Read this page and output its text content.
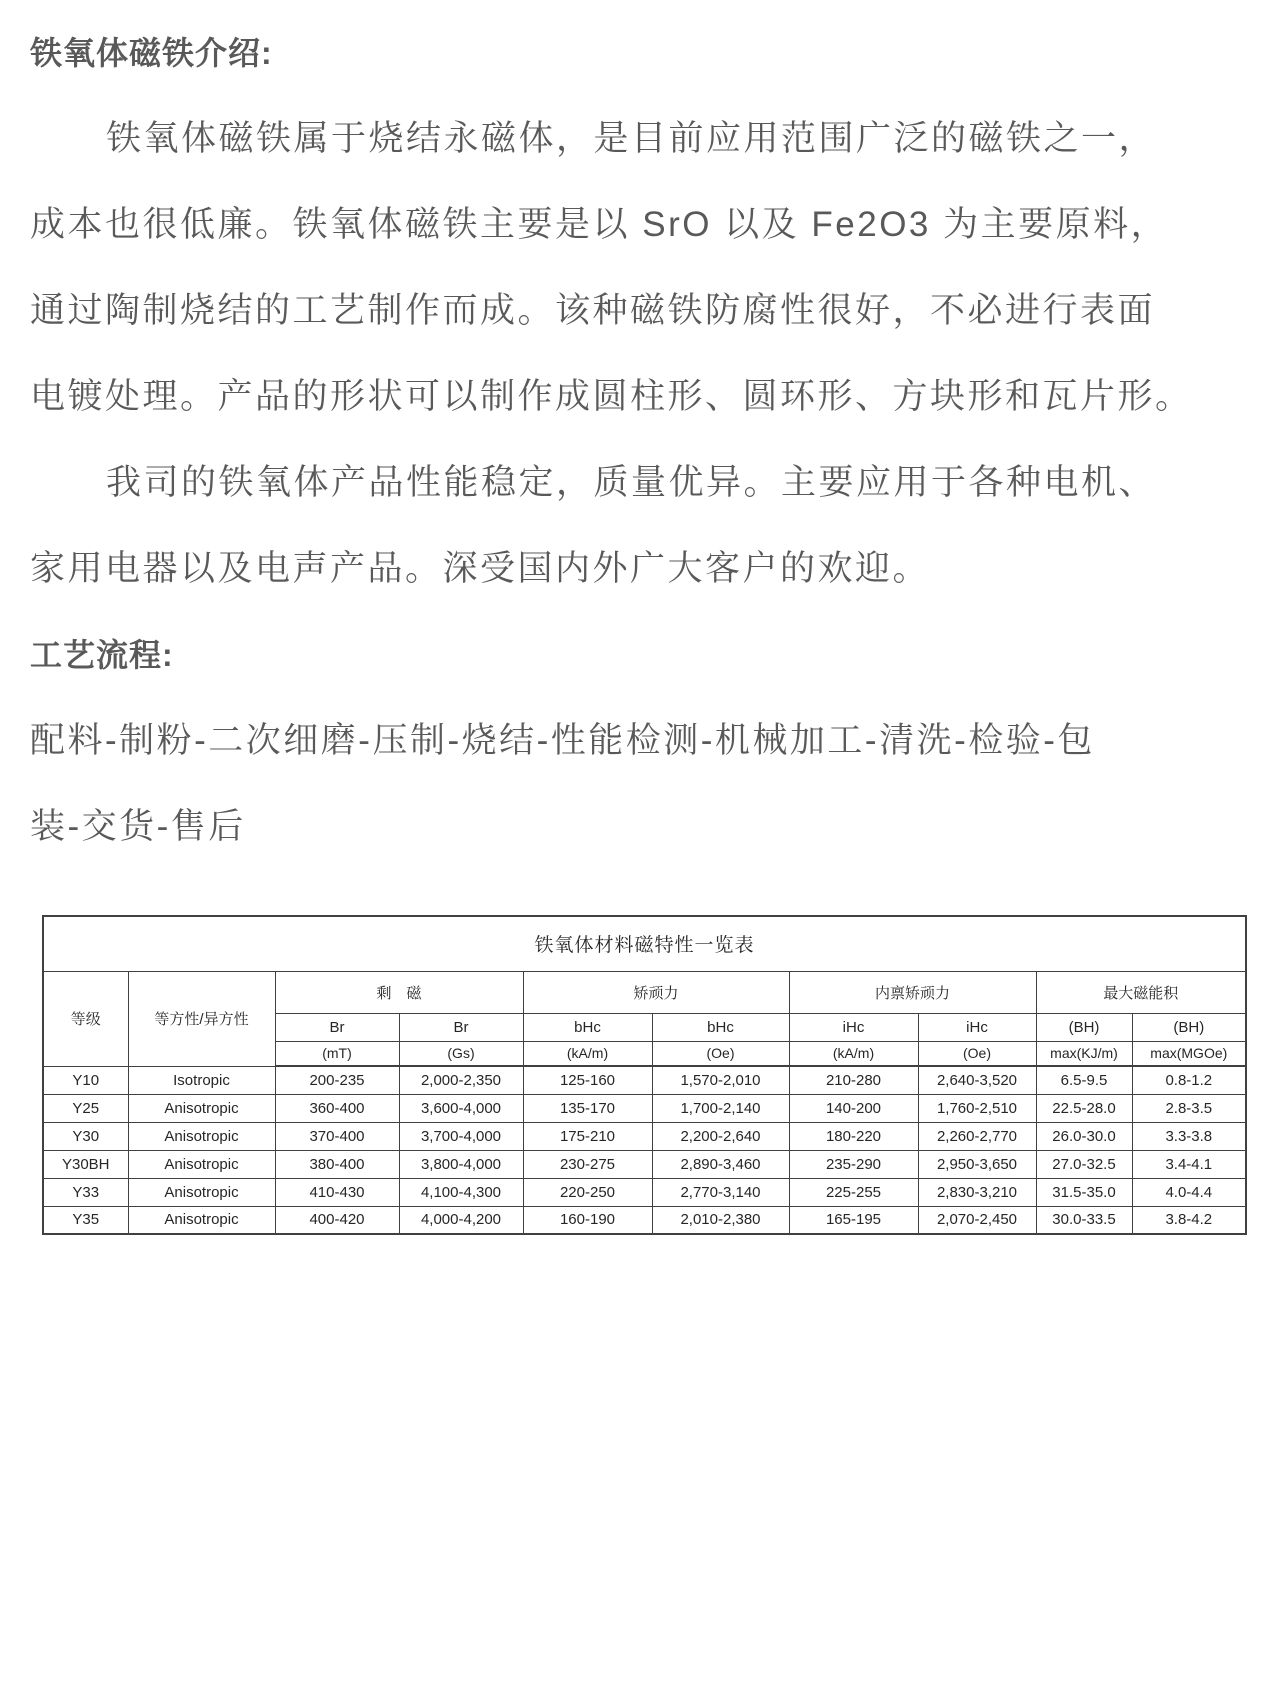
铁氧体磁铁介绍:
铁氧体磁铁属于烧结永磁体，是目前应用范围广泛的磁铁之一，
成本也很低廉。铁氧体磁铁主要是以 SrO 以及 Fe2O3 为主要原料，
通过陶制烧结的工艺制作而成。该种磁铁防腐性很好，不必进行表面
电镀处理。产品的形状可以制作成圆柱形、圆环形、方块形和瓦片形。
我司的铁氧体产品性能稳定，质量优异。主要应用于各种电机、
家用电器以及电声产品。深受国内外广大客户的欢迎。
工艺流程:
配料-制粉-二次细磨-压制-烧结-性能检测-机械加工-清洗-检验-包
装-交货-售后
铁氧体材料磁特性一览表									
等级	等方性/异方性	剩　磁		矫顽力		内禀矫顽力		最大磁能积	
		Br	Br	bHc	bHc	iHc	iHc	(BH)	(BH)
		(mT)	(Gs)	(kA/m)	(Oe)	(kA/m)	(Oe)	max(KJ/m)	max(MGOe)
Y10	Isotropic	200-235	2,000-2,350	125-160	1,570-2,010	210-280	2,640-3,520	6.5-9.5	0.8-1.2
Y25	Anisotropic	360-400	3,600-4,000	135-170	1,700-2,140	140-200	1,760-2,510	22.5-28.0	2.8-3.5
Y30	Anisotropic	370-400	3,700-4,000	175-210	2,200-2,640	180-220	2,260-2,770	26.0-30.0	3.3-3.8
Y30BH	Anisotropic	380-400	3,800-4,000	230-275	2,890-3,460	235-290	2,950-3,650	27.0-32.5	3.4-4.1
Y33	Anisotropic	410-430	4,100-4,300	220-250	2,770-3,140	225-255	2,830-3,210	31.5-35.0	4.0-4.4
Y35	Anisotropic	400-420	4,000-4,200	160-190	2,010-2,380	165-195	2,070-2,450	30.0-33.5	3.8-4.2
